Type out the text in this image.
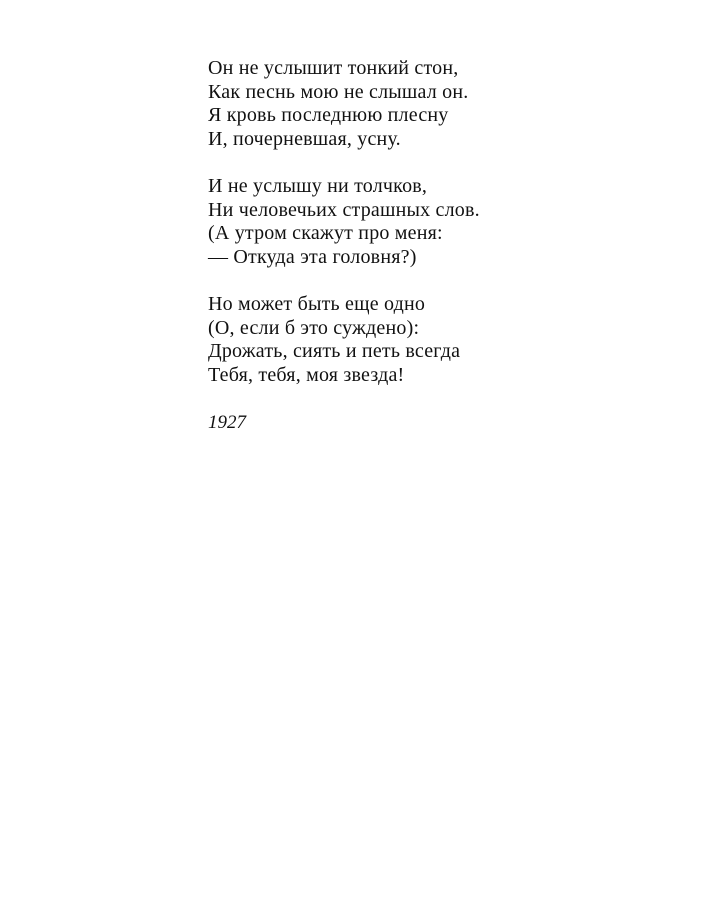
Он не услышит тонкий стон,
Как песнь мою не слышал он.
Я кровь последнюю плесну
И, почерневшая, усну.
И не услышу ни толчков,
Ни человечьих страшных слов.
(А утром скажут про меня:
— Откуда эта головня?)
Но может быть еще одно
(О, если б это суждено):
Дрожать, сиять и петь всегда
Тебя, тебя, моя звезда!
1927
